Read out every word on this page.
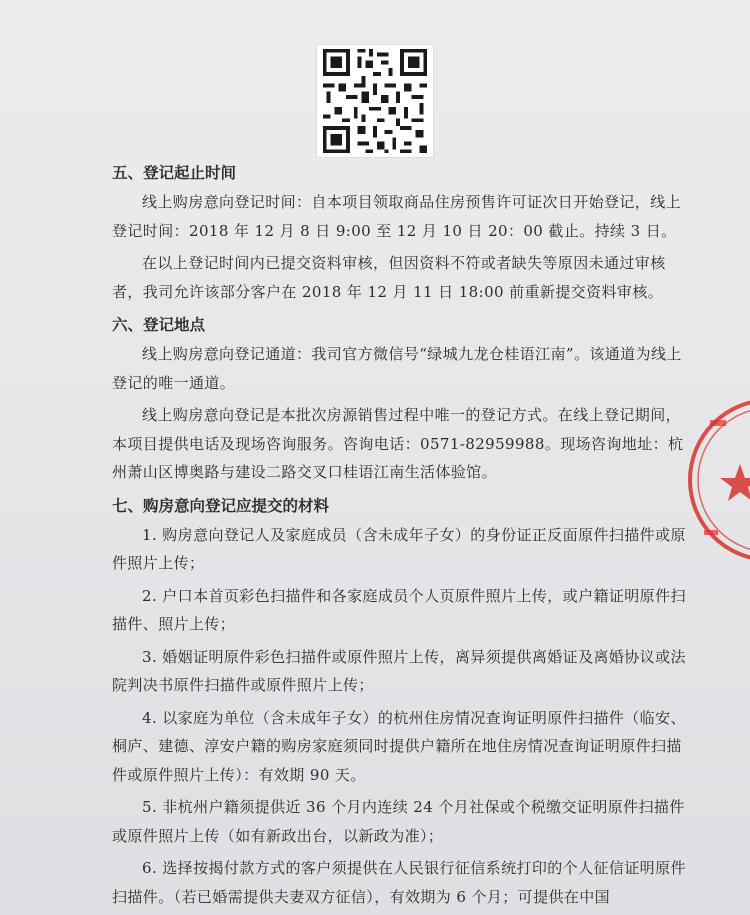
五、登记起止时间

线上购房意向登记时间：自本项目领取商品住房预售许可证次日开始登记，线上登记时间：2018 年 12 月 8 日 9:00 至 12 月 10 日 20：00 截止。持续 3 日。

在以上登记时间内已提交资料审核，但因资料不符或者缺失等原因未通过审核者，我司允许该部分客户在 2018 年 12 月 11 日 18:00 前重新提交资料审核。

六、登记地点

线上购房意向登记通道：我司官方微信号“绿城九龙仓桂语江南”。该通道为线上登记的唯一通道。

线上购房意向登记是本批次房源销售过程中唯一的登记方式。在线上登记期间，本项目提供电话及现场咨询服务。咨询电话：0571-82959988。现场咨询地址：杭州萧山区博奥路与建设二路交叉口桂语江南生活体验馆。

七、购房意向登记应提交的材料

1. 购房意向登记人及家庭成员（含未成年子女）的身份证正反面原件扫描件或原件照片上传；

2. 户口本首页彩色扫描件和各家庭成员个人页原件照片上传，或户籍证明原件扫描件、照片上传；

3. 婚姻证明原件彩色扫描件或原件照片上传，离异须提供离婚证及离婚协议或法院判决书原件扫描件或原件照片上传；

4. 以家庭为单位（含未成年子女）的杭州住房情况查询证明原件扫描件（临安、桐庐、建德、淳安户籍的购房家庭须同时提供户籍所在地住房情况查询证明原件扫描件或原件照片上传）：有效期 90 天。

5. 非杭州户籍须提供近 36 个月内连续 24 个月社保或个税缴交证明原件扫描件或原件照片上传（如有新政出台，以新政为准）；

6. 选择按揭付款方式的客户须提供在人民银行征信系统打印的个人征信证明原件扫描件。（若已婚需提供夫妻双方征信），有效期为 6 个月；可提供在中国
